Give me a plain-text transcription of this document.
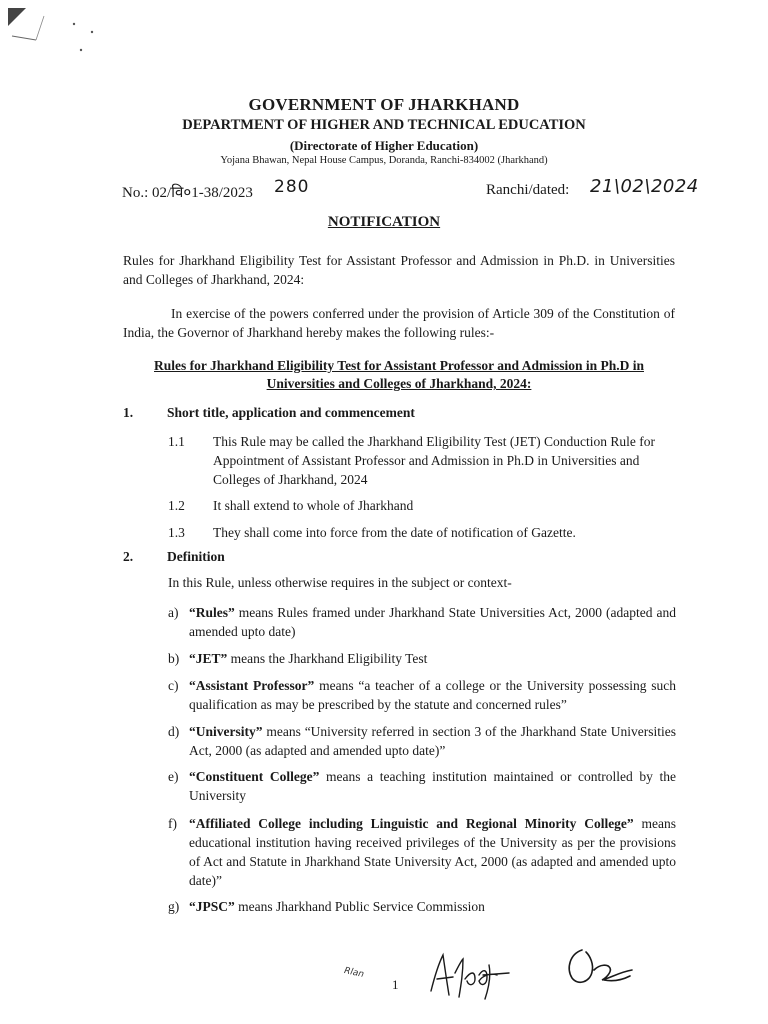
GOVERNMENT OF JHARKHAND
DEPARTMENT OF HIGHER AND TECHNICAL EDUCATION
(Directorate of Higher Education)
Yojana Bhawan, Nepal House Campus, Doranda, Ranchi-834002 (Jharkhand)
No.: 02/वि०1-38/2023 280	Ranchi/dated: 21\02\2024
NOTIFICATION
Rules for Jharkhand Eligibility Test for Assistant Professor and Admission in Ph.D. in Universities and Colleges of Jharkhand, 2024:
In exercise of the powers conferred under the provision of Article 309 of the Constitution of India, the Governor of Jharkhand hereby makes the following rules:-
Rules for Jharkhand Eligibility Test for Assistant Professor and Admission in Ph.D in
Universities and Colleges of Jharkhand, 2024:
1.	Short title, application and commencement
1.1 This Rule may be called the Jharkhand Eligibility Test (JET) Conduction Rule for Appointment of Assistant Professor and Admission in Ph.D in Universities and Colleges of Jharkhand, 2024
1.2 It shall extend to whole of Jharkhand
1.3 They shall come into force from the date of notification of Gazette.
2.	Definition
In this Rule, unless otherwise requires in the subject or context-
a) “Rules” means Rules framed under Jharkhand State Universities Act, 2000 (adapted and amended upto date)
b) “JET” means the Jharkhand Eligibility Test
c) “Assistant Professor” means “a teacher of a college or the University possessing such qualification as may be prescribed by the statute and concerned rules”
d) “University” means “University referred in section 3 of the Jharkhand State Universities Act, 2000 (as adapted and amended upto date)”
e) “Constituent College” means a teaching institution maintained or controlled by the University
f) “Affiliated College including Linguistic and Regional Minority College” means educational institution having received privileges of the University as per the provisions of Act and Statute in Jharkhand State University Act, 2000 (as adapted and amended upto date)”
g) “JPSC” means Jharkhand Public Service Commission
Rlan
1
